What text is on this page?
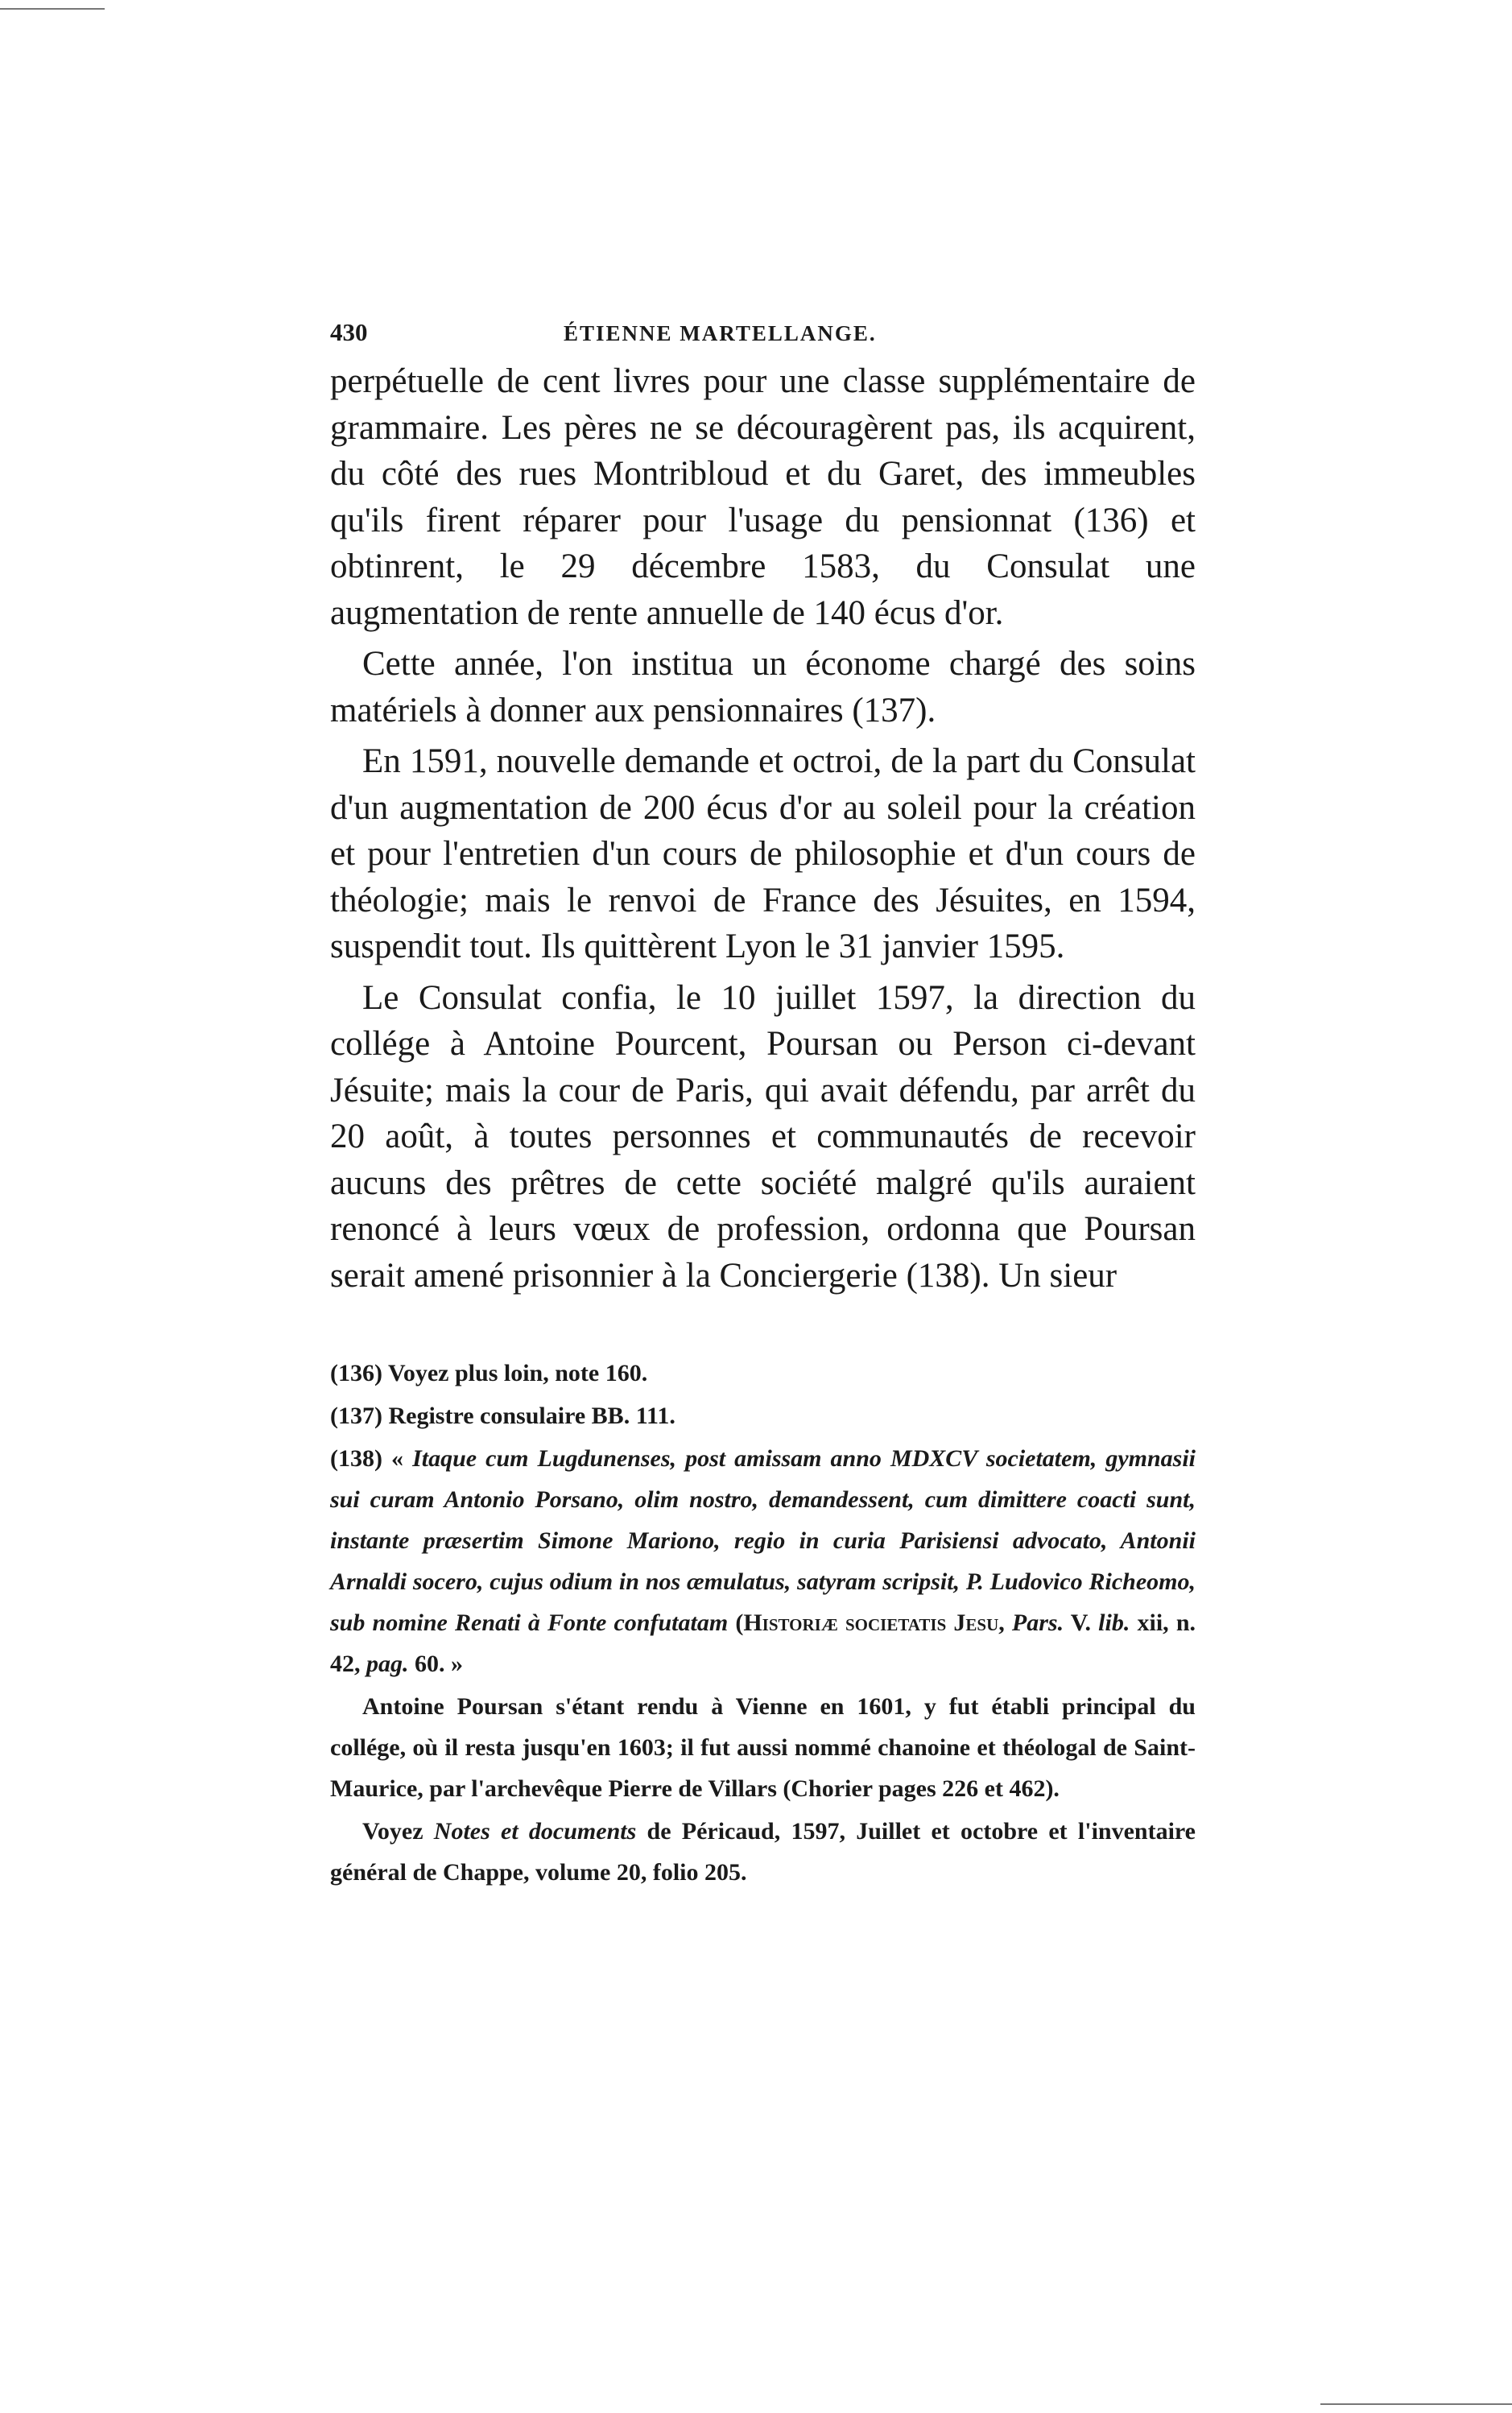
430	ÉTIENNE MARTELLANGE.

perpétuelle de cent livres pour une classe supplémentaire de grammaire. Les pères ne se découragèrent pas, ils acquirent, du côté des rues Montribloud et du Garet, des immeubles qu'ils firent réparer pour l'usage du pensionnat (136) et obtinrent, le 29 décembre 1583, du Consulat une augmentation de rente annuelle de 140 écus d'or.

Cette année, l'on institua un économe chargé des soins matériels à donner aux pensionnaires (137).

En 1591, nouvelle demande et octroi, de la part du Consulat d'un augmentation de 200 écus d'or au soleil pour la création et pour l'entretien d'un cours de philosophie et d'un cours de théologie; mais le renvoi de France des Jésuites, en 1594, suspendit tout. Ils quittèrent Lyon le 31 janvier 1595.

Le Consulat confia, le 10 juillet 1597, la direction du collége à Antoine Pourcent, Poursan ou Person ci-devant Jésuite; mais la cour de Paris, qui avait défendu, par arrêt du 20 août, à toutes personnes et communautés de recevoir aucuns des prêtres de cette société malgré qu'ils auraient renoncé à leurs vœux de profession, ordonna que Poursan serait amené prisonnier à la Conciergerie (138). Un sieur

(136) Voyez plus loin, note 160.

(137) Registre consulaire BB. 111.

(138) « Itaque cum Lugdunenses, post amissam anno MDXCV societatem, gymnasii sui curam Antonio Porsano, olim nostro, demandessent, cum dimittere coacti sunt, instante præsertim Simone Mariono, regio in curia Parisiensi advocato, Antonii Arnaldi socero, cujus odium in nos æmulatus, satyram scripsit, P. Ludovico Richeomo, sub nomine Renati à Fonte confutatam (Historiæ societatis Jesu, Pars. V. lib. xii, n. 42, pag. 60. »

Antoine Poursan s'étant rendu à Vienne en 1601, y fut établi principal du collége, où il resta jusqu'en 1603; il fut aussi nommé chanoine et théologal de Saint-Maurice, par l'archevêque Pierre de Villars (Chorier pages 226 et 462).

Voyez Notes et documents de Péricaud, 1597, Juillet et octobre et l'inventaire général de Chappe, volume 20, folio 205.
